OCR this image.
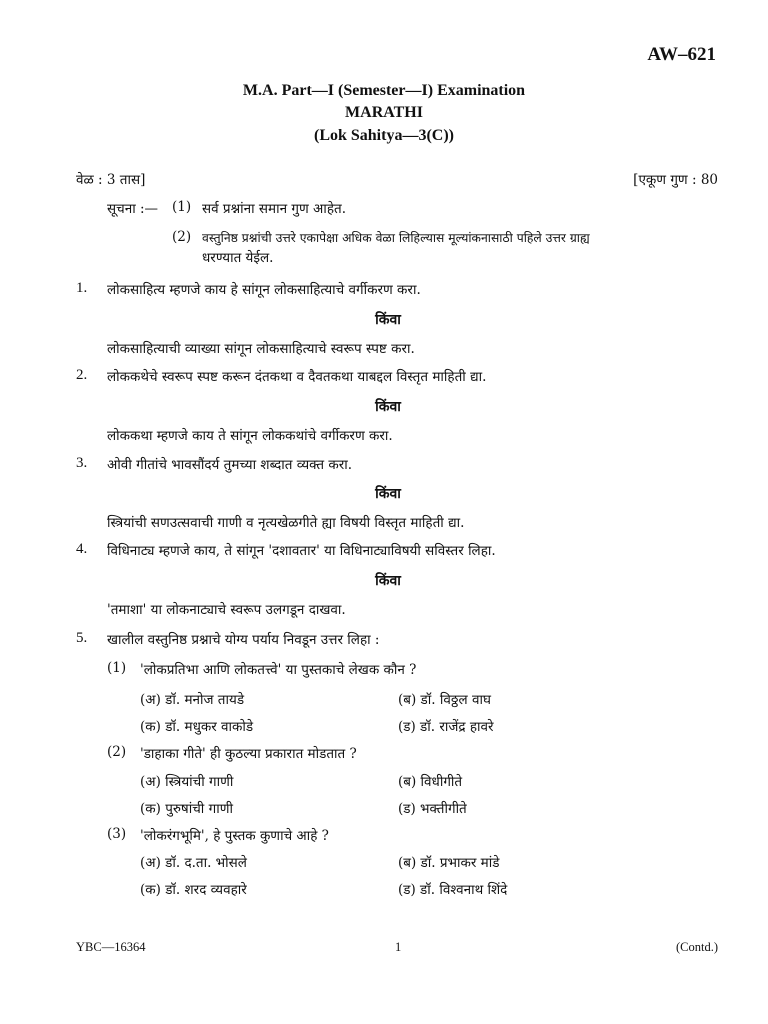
AW–621
M.A. Part—I (Semester—I) Examination
MARATHI
(Lok Sahitya—3(C))
वेळ : 3 तास]	[एकूण गुण : 80
सूचना :— (1) सर्व प्रश्नांना समान गुण आहेत.
(2) वस्तुनिष्ठ प्रश्नांची उत्तरे एकापेक्षा अधिक वेळा लिहिल्यास मूल्यांकनासाठी पहिले उत्तर ग्राह्य
धरण्यात येईल.
1. लोकसाहित्य म्हणजे काय हे सांगून लोकसाहित्याचे वर्गीकरण करा.
किंवा
लोकसाहित्याची व्याख्या सांगून लोकसाहित्याचे स्वरूप स्पष्ट करा.
2. लोककथेचे स्वरूप स्पष्ट करून दंतकथा व दैवतकथा याबद्दल विस्तृत माहिती द्या.
किंवा
लोककथा म्हणजे काय ते सांगून लोककथांचे वर्गीकरण करा.
3. ओवी गीतांचे भावसौंदर्य तुमच्या शब्दात व्यक्त करा.
किंवा
स्त्रियांची सणउत्सवाची गाणी व नृत्यखेळगीते ह्या विषयी विस्तृत माहिती द्या.
4. विधिनाट्य म्हणजे काय, ते सांगून 'दशावतार' या विधिनाट्याविषयी सविस्तर लिहा.
किंवा
'तमाशा' या लोकनाट्याचे स्वरूप उलगडून दाखवा.
5. खालील वस्तुनिष्ठ प्रश्नाचे योग्य पर्याय निवडून उत्तर लिहा :
(1) 'लोकप्रतिभा आणि लोकतत्त्वे' या पुस्तकाचे लेखक कौन ?
(अ) डॉ. मनोज तायडे	(ब) डॉ. विठ्ठल वाघ
(क) डॉ. मधुकर वाकोडे	(ड) डॉ. राजेंद्र हावरे
(2) 'डाहाका गीते' ही कुठल्या प्रकारात मोडतात ?
(अ) स्त्रियांची गाणी	(ब) विधीगीते
(क) पुरुषांची गाणी	(ड) भक्तीगीते
(3) 'लोकरंगभूमि', हे पुस्तक कुणाचे आहे ?
(अ) डॉ. द.ता. भोसले	(ब) डॉ. प्रभाकर मांडे
(क) डॉ. शरद व्यवहारे	(ड) डॉ. विश्वनाथ शिंदे
YBC—16364	1	(Contd.)
